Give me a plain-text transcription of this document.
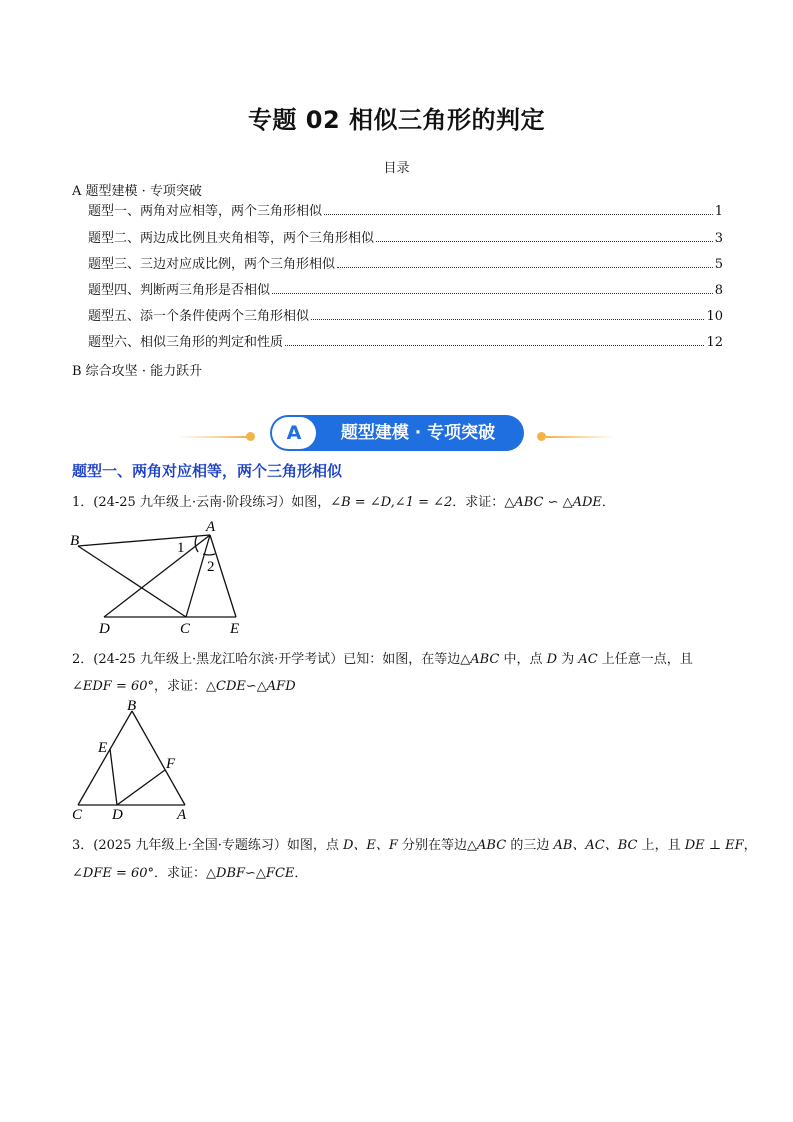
专题 02 相似三角形的判定
目录
A 题型建模 · 专项突破
题型一、两角对应相等，两个三角形相似	1
题型二、两边成比例且夹角相等，两个三角形相似	3
题型三、三边对应成比例，两个三角形相似	5
题型四、判断两三角形是否相似	8
题型五、添一个条件使两个三角形相似	10
题型六、相似三角形的判定和性质	12
B 综合攻坚 · 能力跃升
A	题型建模 · 专项突破
题型一、两角对应相等，两个三角形相似
1．(24-25 九年级上·云南·阶段练习）如图，∠B = ∠D,∠1 = ∠2．求证：△ABC ∽ △ADE．
A
B
C
D	E
1
2
2．(24-25 九年级上·黑龙江哈尔滨·开学考试）已知：如图，在等边△ABC 中，点 D 为 AC 上任意一点，且
∠EDF = 60°，求证：△CDE∽△AFD
B
E
F
C D	A
3．(2025 九年级上·全国·专题练习）如图，点 D、E、F 分别在等边△ABC 的三边 AB、AC、BC 上，且 DE ⊥ EF，
∠DFE = 60°．求证：△DBF∽△FCE．
